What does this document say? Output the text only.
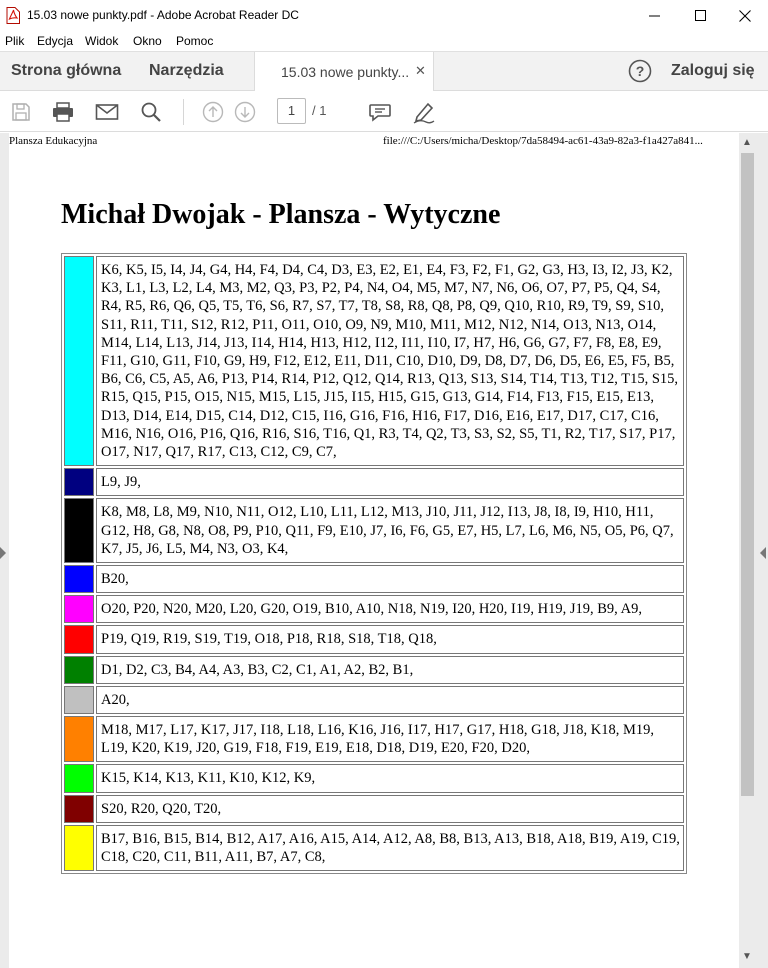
15.03 nowe punkty.pdf - Adobe Acrobat Reader DC
Plik Edycja Widok Okno Pomoc
Strona główna Narzędzia	15.03 nowe punkty... ✕	? Zaloguj się
1	/ 1
Plansza Edukacyjna	file:///C:/Users/micha/Desktop/7da58494-ac61-43a9-82a3-f1a427a841...
Michał Dwojak - Plansza - Wytyczne
	K6, K5, I5, I4, J4, G4, H4, F4, D4, C4, D3, E3, E2, E1, E4, F3, F2, F1, G2, G3, H3, I3, I2, J3, K2, K3, L1, L3, L2, L4, M3, M2, Q3, P3, P2, P4, N4, O4, M5, M7, N7, N6, O6, O7, P7, P5, Q4, S4, R4, R5, R6, Q6, Q5, T5, T6, S6, R7, S7, T7, T8, S8, R8, Q8, P8, Q9, Q10, R10, R9, T9, S9, S10, S11, R11, T11, S12, R12, P11, O11, O10, O9, N9, M10, M11, M12, N12, N14, O13, N13, O14, M14, L14, L13, J14, J13, I14, H14, H13, H12, I12, I11, I10, I7, H7, H6, G6, G7, F7, F8, E8, E9, F11, G10, G11, F10, G9, H9, F12, E12, E11, D11, C10, D10, D9, D8, D7, D6, D5, E6, E5, F5, B5, B6, C6, C5, A5, A6, P13, P14, R14, P12, Q12, Q14, R13, Q13, S13, S14, T14, T13, T12, T15, S15, R15, Q15, P15, O15, N15, M15, L15, J15, I15, H15, G15, G13, G14, F14, F13, F15, E15, E13, D13, D14, E14, D15, C14, D12, C15, I16, G16, F16, H16, F17, D16, E16, E17, D17, C17, C16, M16, N16, O16, P16, Q16, R16, S16, T16, Q1, R3, T4, Q2, T3, S3, S2, S5, T1, R2, T17, S17, P17, O17, N17, Q17, R17, C13, C12, C9, C7,
	L9, J9,
	K8, M8, L8, M9, N10, N11, O12, L10, L11, L12, M13, J10, J11, J12, I13, J8, I8, I9, H10, H11, G12, H8, G8, N8, O8, P9, P10, Q11, F9, E10, J7, I6, F6, G5, E7, H5, L7, L6, M6, N5, O5, P6, Q7, K7, J5, J6, L5, M4, N3, O3, K4,
	B20,
	O20, P20, N20, M20, L20, G20, O19, B10, A10, N18, N19, I20, H20, I19, H19, J19, B9, A9,
	P19, Q19, R19, S19, T19, O18, P18, R18, S18, T18, Q18,
	D1, D2, C3, B4, A4, A3, B3, C2, C1, A1, A2, B2, B1,
	A20,
	M18, M17, L17, K17, J17, I18, L18, L16, K16, J16, I17, H17, G17, H18, G18, J18, K18, M19, L19, K20, K19, J20, G19, F18, F19, E19, E18, D18, D19, E20, F20, D20,
	K15, K14, K13, K11, K10, K12, K9,
	S20, R20, Q20, T20,
	B17, B16, B15, B14, B12, A17, A16, A15, A14, A12, A8, B8, B13, A13, B18, A18, B19, A19, C19, C18, C20, C11, B11, A11, B7, A7, C8,
▲
▼
